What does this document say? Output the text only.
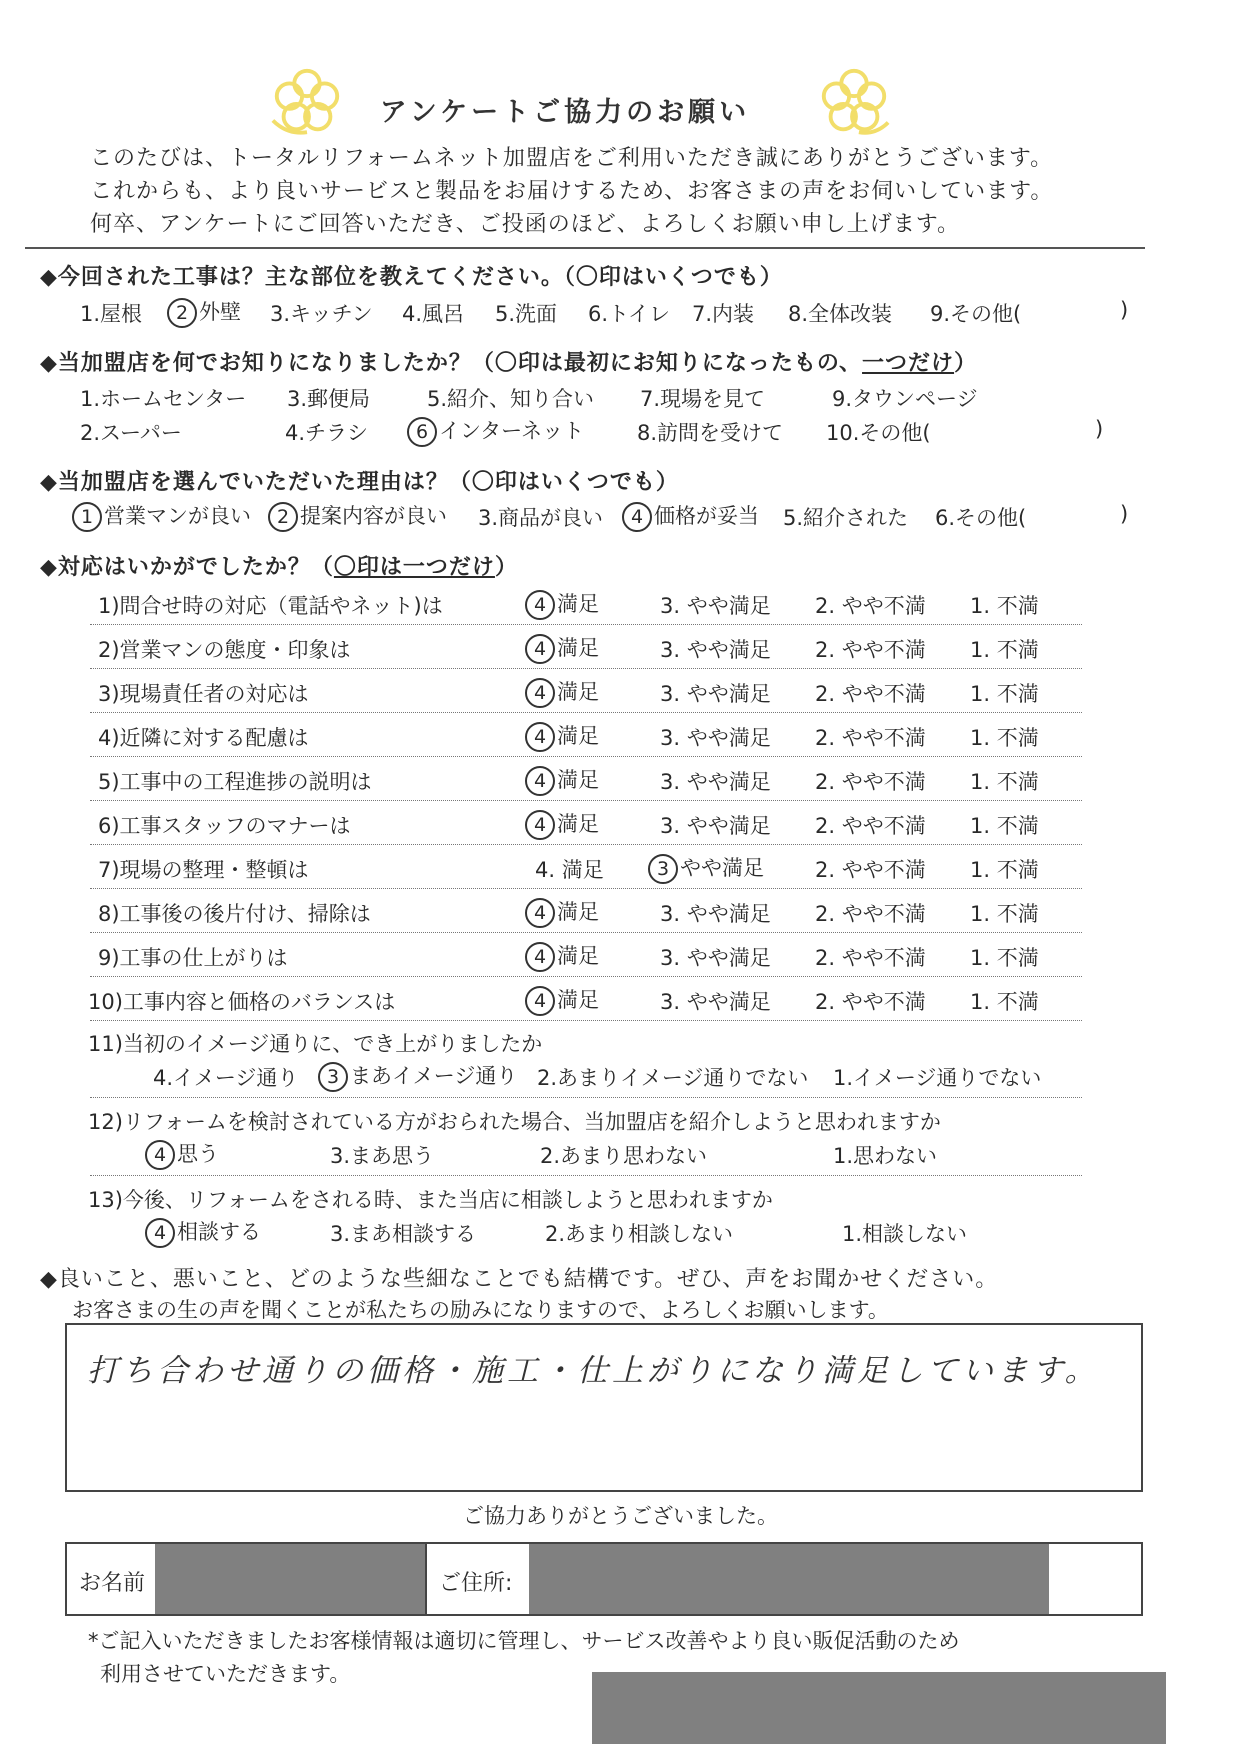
アンケートご協力のお願い
このたびは、トータルリフォームネット加盟店をご利用いただき誠にありがとうございます。
これからも、より良いサービスと製品をお届けするため、お客さまの声をお伺いしています。
何卒、アンケートにご回答いただき、ご投函のほど、よろしくお願い申し上げます。
◆今回された工事は？主な部位を教えてください。（〇印はいくつでも）
1.屋根	2 外壁 3.キッチン 4.風呂 5.洗面 6.トイレ 7.内装 8.全体改装 9.その他(	)
◆当加盟店を何でお知りになりましたか？（〇印は最初にお知りになったもの、一つだけ）
1.ホームセンター 3.郵便局	5.紹介、知り合い 7.現場を見て	9.タウンページ
2.スーパー	4.チラシ	6 インターネット	8.訪問を受けて 10.その他(	)
◆当加盟店を選んでいただいた理由は？（〇印はいくつでも）
1 営業マンが良い	2 提案内容が良い 3.商品が良い	4 価格が妥当 5.紹介された 6.その他(	)
◆対応はいかがでしたか？（〇印は一つだけ）
1)問合せ時の対応（電話やネット)は	4 満足	3. やや満足 2. やや不満 1. 不満
2)営業マンの態度・印象は	4 満足	3. やや満足 2. やや不満 1. 不満
3)現場責任者の対応は	4 満足	3. やや満足 2. やや不満 1. 不満
4)近隣に対する配慮は	4 満足	3. やや満足 2. やや不満 1. 不満
5)工事中の工程進捗の説明は	4 満足	3. やや満足 2. やや不満 1. 不満
6)工事スタッフのマナーは	4 満足	3. やや満足 2. やや不満 1. 不満
7)現場の整理・整頓は	4. 満足	3 やや満足 2. やや不満 1. 不満
8)工事後の後片付け、掃除は	4 満足	3. やや満足 2. やや不満 1. 不満
9)工事の仕上がりは	4 満足	3. やや満足 2. やや不満 1. 不満
10)工事内容と価格のバランスは	4 満足	3. やや満足 2. やや不満 1. 不満
11)当初のイメージ通りに、でき上がりましたか
4.イメージ通り	3 まあイメージ通り 2.あまりイメージ通りでない 1.イメージ通りでない
12)リフォームを検討されている方がおられた場合、当加盟店を紹介しようと思われますか
4 思う	3.まあ思う	2.あまり思わない	1.思わない
13)今後、リフォームをされる時、また当店に相談しようと思われますか
4 相談する	3.まあ相談する	2.あまり相談しない	1.相談しない
◆良いこと、悪いこと、どのような些細なことでも結構です。ぜひ、声をお聞かせください。
お客さまの生の声を聞くことが私たちの励みになりますので、よろしくお願いします。
打ち合わせ通りの価格・施工・仕上がりになり満足しています。
ご協力ありがとうございました。
お名前	ご住所:
*ご記入いただきましたお客様情報は適切に管理し、サービス改善やより良い販促活動のため
利用させていただきます。
